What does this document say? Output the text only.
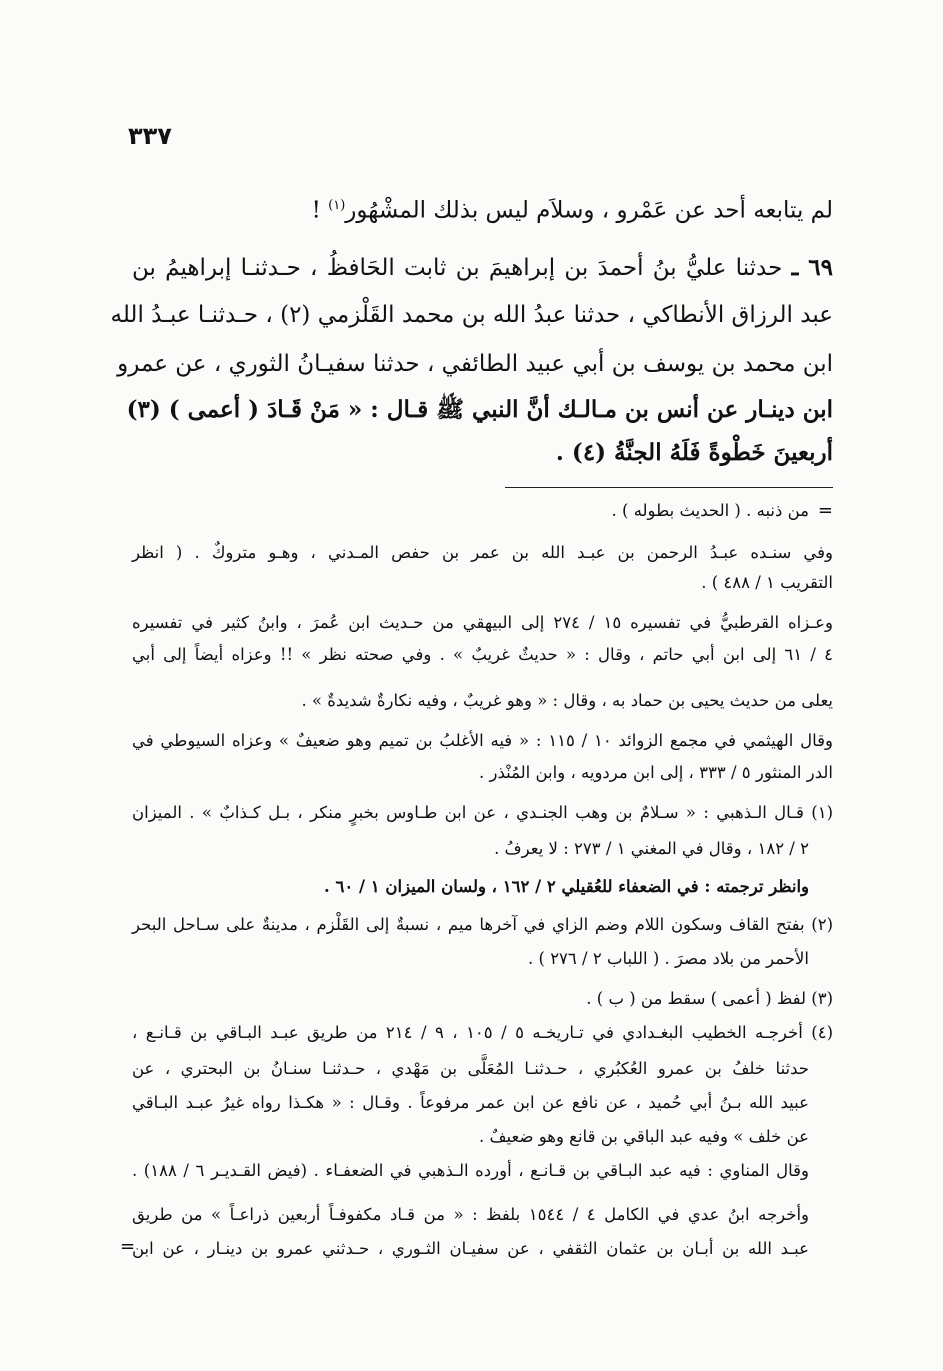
٣٣٧
لم يتابعه أحد عن عَمْرو ، وسلاَم ليس بذلك المشْهُور$^{(١)}$ !
٦٩ ـ حدثنا عليُّ بنُ أحمدَ بن إبراهيمَ بن ثابت الحَافظُ ، حـدثنـا إبراهيمُ بن
عبد الرزاق الأنطاكي ، حدثنا عبدُ الله بن محمد القَلْزمي (٢) ، حـدثنـا عبـدُ الله
ابن محمد بن يوسف بن أبي عبيد الطائفي ، حدثنا سفيـانُ الثوري ، عن عمرو
ابن دينـار عن أنس بن مـالـك أنَّ النبي ﷺ قـال : « مَنْ قَـادَ ( أعمى ) (٣)
أربعينَ خَطْوةً فَلَهُ الجنَّةُ (٤) .
=
من ذنبه . ( الحديث بطوله ) .
وفي سنـده عبـدُ الرحمن بن عبـد الله بن عمر بن حفص المـدني ، وهـو متروكٌ . ( انظر
التقريب ١ / ٤٨٨ ) .
وعـزاه القرطبيُّ في تفسيره ١٥ / ٢٧٤ إلى البيهقي من حـديث ابن عُمرَ ، وابنُ كثير في تفسيره
٤ / ٦١ إلى ابن أبي حاتم ، وقال : « حديثٌ غريبٌ » . وفي صحته نظر » !! وعزاه أيضاً إلى أبي
يعلى من حديث يحيى بن حماد به ، وقال : « وهو غريبٌ ، وفيه نكارةٌ شديدةٌ » .
وقال الهيثمي في مجمع الزوائد ١٠ / ١١٥ : « فيه الأغلبُ بن تميم وهو ضعيفٌ » وعزاه السيوطي في
الدر المنثور ٥ / ٣٣٣ ، إلى ابن مردويه ، وابن المُنْذر .
(١) قـال الـذهبي : « سـلامٌ بن وهب الجنـدي ، عن ابن طـاوس بخبرٍ منكر ، بـل كـذابٌ » . الميزان
٢ / ١٨٢ ، وقال في المغني ١ / ٢٧٣ : لا يعرفُ .
وانظر ترجمته : في الضعفاء للعُقيلي ٢ / ١٦٢ ، ولسان الميزان ١ / ٦٠ .
(٢) بفتح القاف وسكون اللام وضم الزاي في آخرها ميم ، نسبةٌ إلى القَلْزم ، مدينةٌ على سـاحل البحر
الأحمر من بلاد مصرَ . ( اللباب ٢ / ٢٧٦ ) .
(٣) لفظ ( أعمى ) سقط من ( ب ) .
(٤) أخرجـه الخطيب البغـدادي في تـاريخـه ٥ / ١٠٥ ، ٩ / ٢١٤ من طريق عبـد البـاقي بن قـانـع ،
حدثنا خلفُ بن عمرو العُكبُري ، حـدثنـا المُعَلَّى بن مَهْدي ، حـدثنـا سنـانُ بن البحتري ، عن
عبيد الله بـنُ أبي حُميد ، عن نافع عن ابن عمر مرفوعاً . وقـال : « هكـذا رواه غيرُ عبـد البـاقي
عن خلف » وفيه عبد الباقي بن قانع وهو ضعيفٌ .
وقال المناوي : فيه عبد البـاقي بن قـانـع ، أورده الـذهبي في الضعفـاء . (فيض القـديـر ٦ / ١٨٨) .
وأخرجه ابنُ عدي في الكامل ٤ / ١٥٤٤ بلفظ : « من قـاد مكفوفـاً أربعين ذراعـاً » من طريق
عبـد الله بن أبـان بن عثمان الثقفي ، عن سفيـان الثـوري ، حـدثني عمرو بن دينـار ، عن ابن
=
